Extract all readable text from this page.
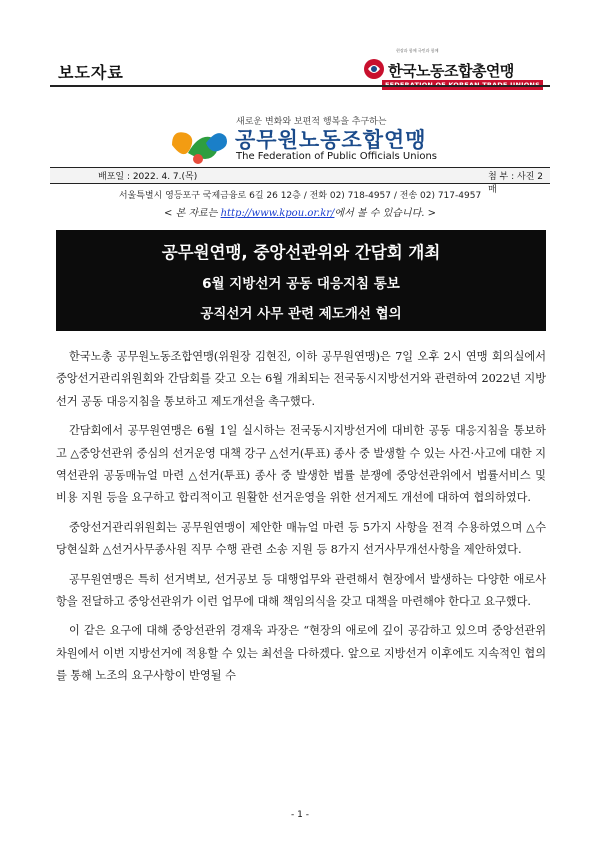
보도자료
현장과 함께 국민과 함께
한국노동조합총연맹
새로운 변화와 보편적 행복을 추구하는
공무원노동조합연맹
The Federation of Public Officials Unions
배포일 : 2022. 4. 7.(목)	첨 부 : 사진 2매
서울특별시 영등포구 국제금융로 6길 26 12층 / 전화 02) 718-4957 / 전송 02) 717-4957
< 본 자료는 http://www.kpou.or.kr/에서 볼 수 있습니다. >
공무원연맹, 중앙선관위와 간담회 개최
6월 지방선거 공동 대응지침 통보
공직선거 사무 관련 제도개선 협의

한국노총 공무원노동조합연맹(위원장 김현진, 이하 공무원연맹)은 7일 오후 2시 연맹 회의실에서 중앙선거관리위원회와 간담회를 갖고 오는 6월 개최되는 전국동시지방선거와 관련하여 2022년 지방선거 공동 대응지침을 통보하고 제도개선을 촉구했다.

간담회에서 공무원연맹은 6월 1일 실시하는 전국동시지방선거에 대비한 공동 대응지침을 통보하고 △중앙선관위 중심의 선거운영 대책 강구 △선거(투표) 종사 중 발생할 수 있는 사건·사고에 대한 지역선관위 공동매뉴얼 마련 △선거(투표) 종사 중 발생한 법률 분쟁에 중앙선관위에서 법률서비스 및 비용 지원 등을 요구하고 합리적이고 원활한 선거운영을 위한 선거제도 개선에 대하여 협의하였다.

중앙선거관리위원회는 공무원연맹이 제안한 매뉴얼 마련 등 5가지 사항을 전격 수용하였으며 △수당현실화 △선거사무종사원 직무 수행 관련 소송 지원 등 8가지 선거사무개선사항을 제안하였다.

공무원연맹은 특히 선거벽보, 선거공보 등 대행업무와 관련해서 현장에서 발생하는 다양한 애로사항을 전달하고 중앙선관위가 이런 업무에 대해 책임의식을 갖고 대책을 마련해야 한다고 요구했다.

이 같은 요구에 대해 중앙선관위 경재욱 과장은 “현장의 애로에 깊이 공감하고 있으며 중앙선관위 차원에서 이번 지방선거에 적용할 수 있는 최선을 다하겠다. 앞으로 지방선거 이후에도 지속적인 협의를 통해 노조의 요구사항이 반영될 수

- 1 -
